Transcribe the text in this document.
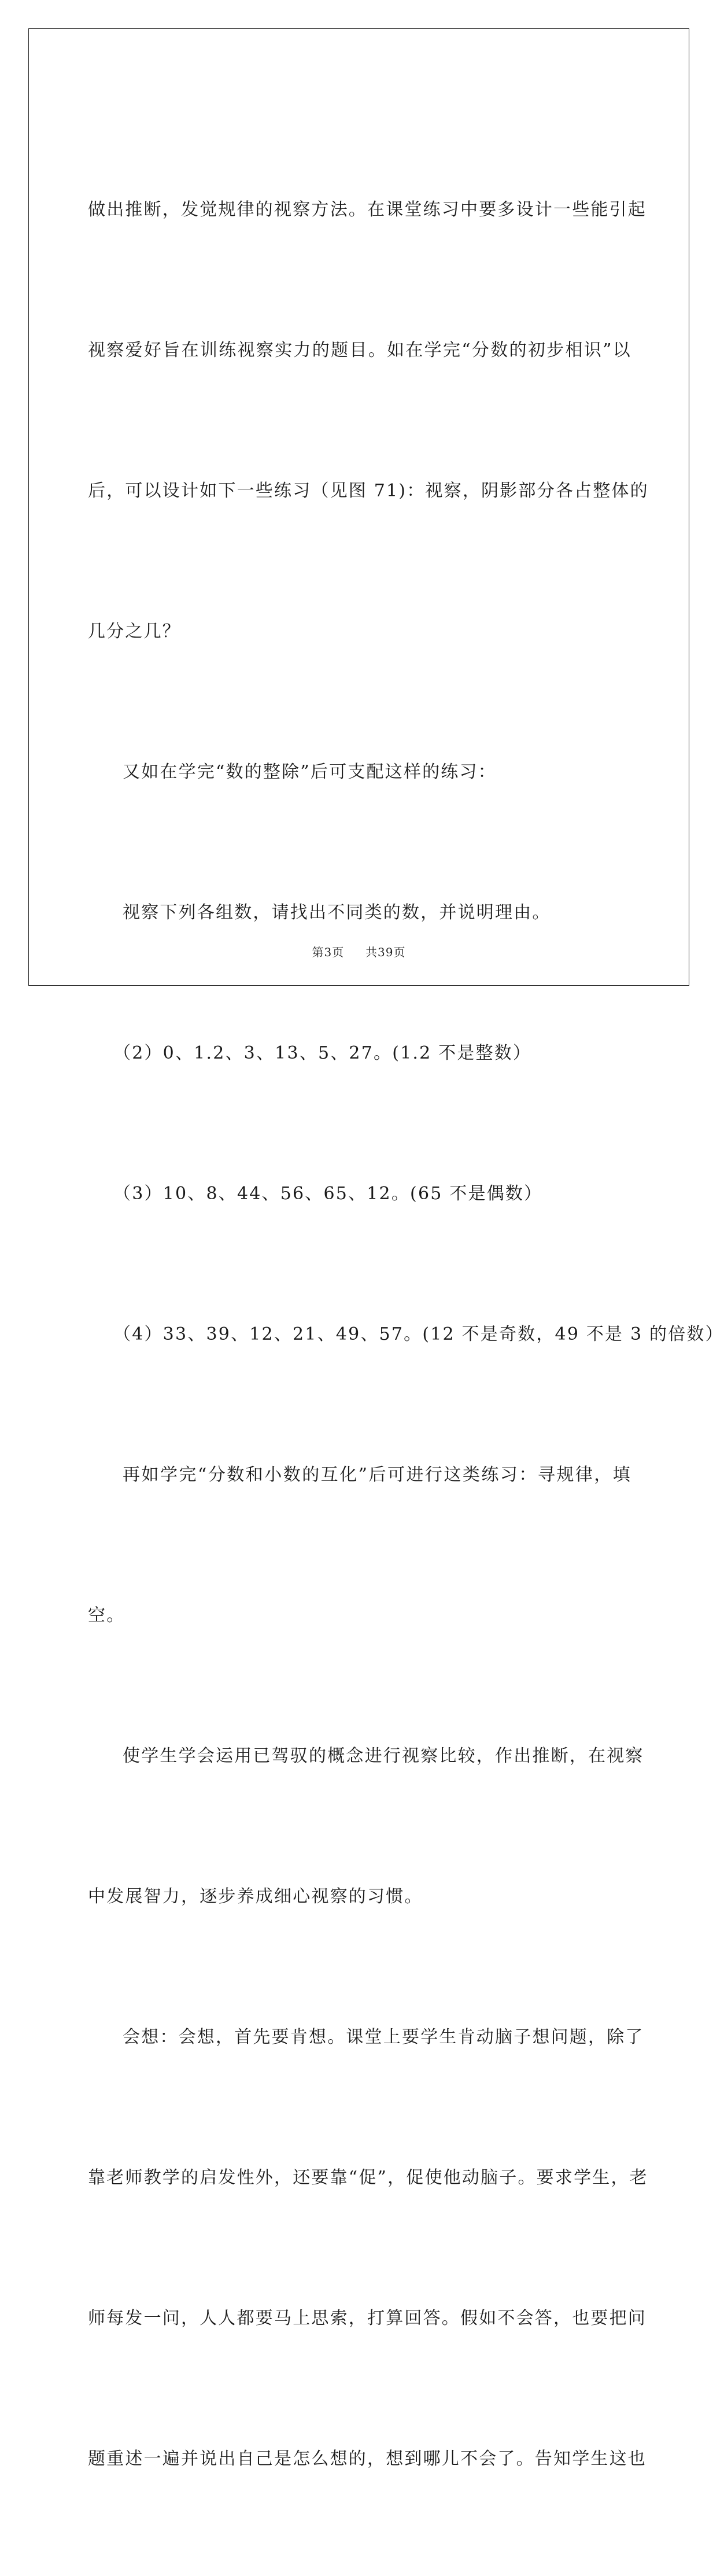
做出推断，发觉规律的视察方法。在课堂练习中要多设计一些能引起

视察爱好旨在训练视察实力的题目。如在学完“分数的初步相识”以

后，可以设计如下一些练习（见图 71)：视察，阴影部分各占整体的

几分之几？

又如在学完“数的整除”后可支配这样的练习：

视察下列各组数，请找出不同类的数，并说明理由。

（2）0、1.2、3、13、5、27。(1.2 不是整数）

（3）10、8、44、56、65、12。(65 不是偶数）

（4）33、39、12、21、49、57。(12 不是奇数，49 不是 3 的倍数）

再如学完“分数和小数的互化”后可进行这类练习：寻规律，填

空。

使学生学会运用已驾驭的概念进行视察比较，作出推断，在视察

中发展智力，逐步养成细心视察的习惯。

会想：会想，首先要肯想。课堂上要学生肯动脑子想问题，除了

靠老师教学的启发性外，还要靠“促”，促使他动脑子。要求学生，老

师每发一问，人人都要马上思索，打算回答。假如不会答，也要把问

题重述一遍并说出自己是怎么想的，想到哪儿不会了。告知学生这也

第3页 共39页
